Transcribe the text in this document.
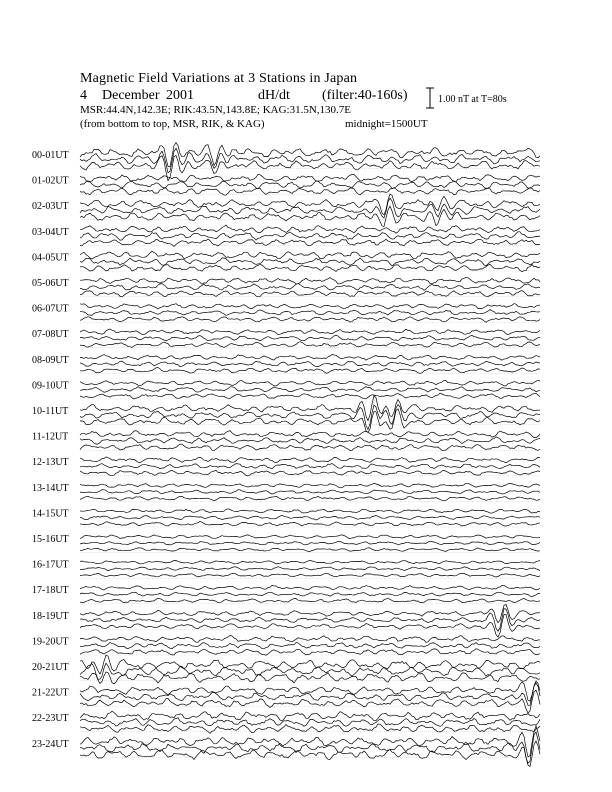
Magnetic Field Variations at 3 Stations in Japan
4 December 2001	dH/dt (filter:40-160s)
MSR:44.4N,142.3E; RIK:43.5N,143.8E; KAG:31.5N,130.7E
(from bottom to top, MSR, RIK, & KAG)	midnight=1500UT
1.00 nT at T=80s
00-01UT
01-02UT
02-03UT
03-04UT
04-05UT
05-06UT
06-07UT
07-08UT
08-09UT
09-10UT
10-11UT
11-12UT
12-13UT
13-14UT
14-15UT
15-16UT
16-17UT
17-18UT
18-19UT
19-20UT
20-21UT
21-22UT
22-23UT
23-24UT
